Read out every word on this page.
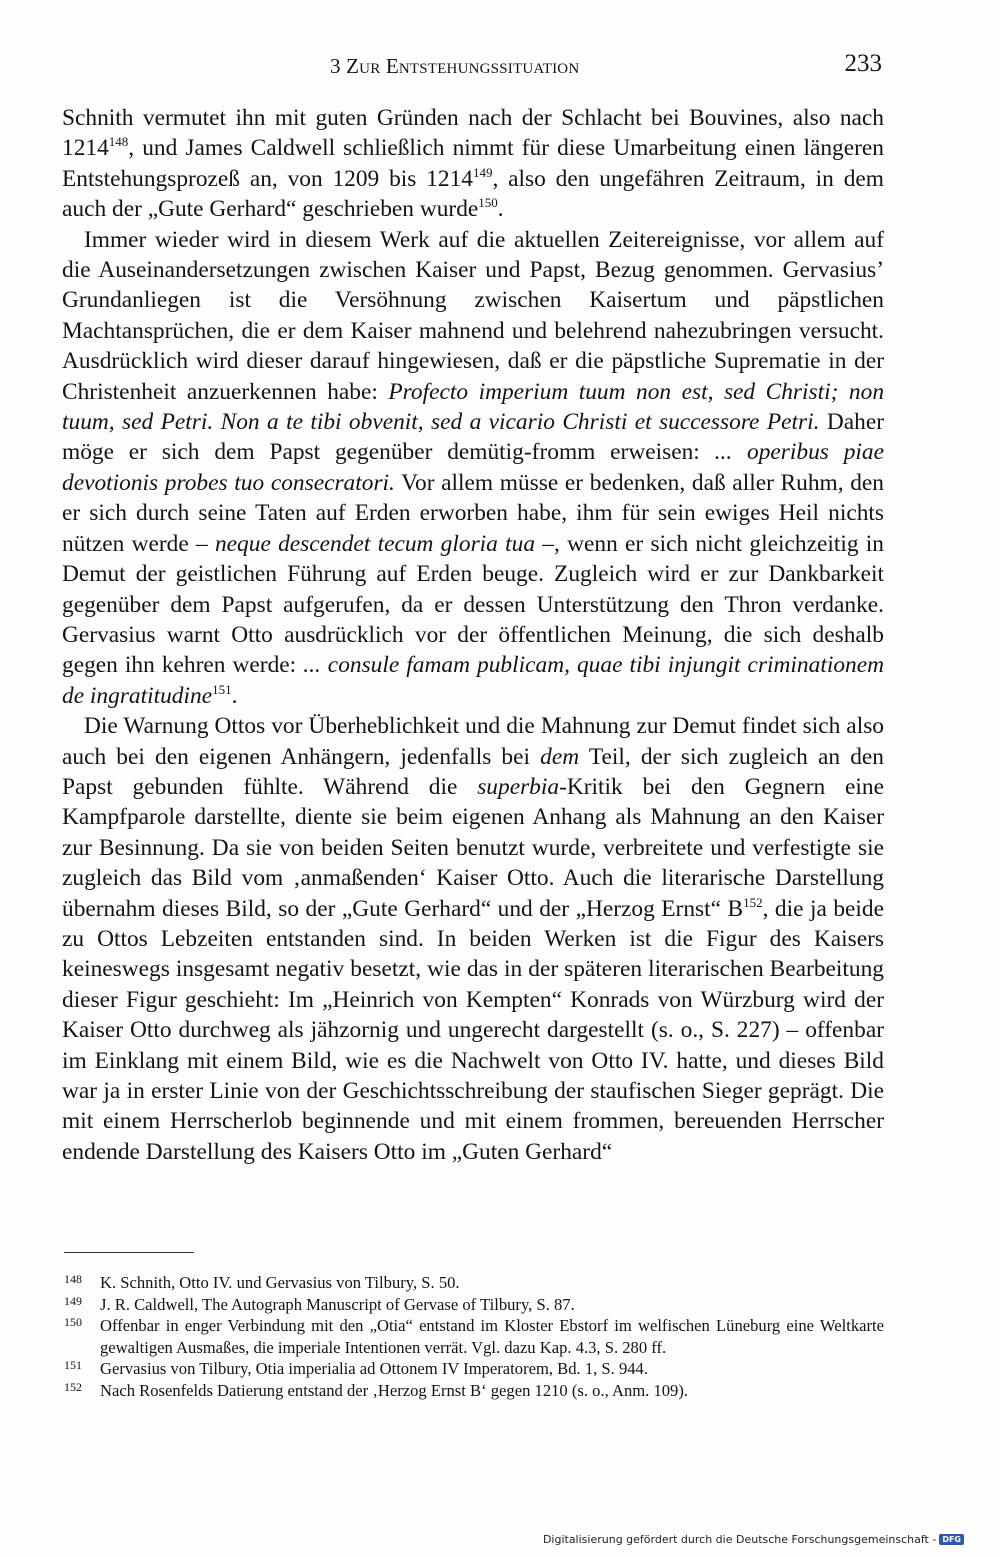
3 Zur Entstehungssituation	233

Schnith vermutet ihn mit guten Gründen nach der Schlacht bei Bouvines, also nach 1214$^{148}$, und James Caldwell schließlich nimmt für diese Umarbeitung einen längeren Entstehungsprozeß an, von 1209 bis 1214$^{149}$, also den ungefähren Zeitraum, in dem auch der „Gute Gerhard“ geschrieben wurde$^{150}$.

Immer wieder wird in diesem Werk auf die aktuellen Zeitereignisse, vor allem auf die Auseinandersetzungen zwischen Kaiser und Papst, Bezug genommen. Gervasius’ Grundanliegen ist die Versöhnung zwischen Kaisertum und päpstlichen Machtansprüchen, die er dem Kaiser mahnend und belehrend nahezubringen versucht. Ausdrücklich wird dieser darauf hingewiesen, daß er die päpstliche Suprematie in der Christenheit anzuerkennen habe: Profecto imperium tuum non est, sed Christi; non tuum, sed Petri. Non a te tibi obvenit, sed a vicario Christi et successore Petri. Daher möge er sich dem Papst gegenüber demütig-fromm erweisen: ... operibus piae devotionis probes tuo consecratori. Vor allem müsse er bedenken, daß aller Ruhm, den er sich durch seine Taten auf Erden erworben habe, ihm für sein ewiges Heil nichts nützen werde – neque descendet tecum gloria tua –, wenn er sich nicht gleichzeitig in Demut der geistlichen Führung auf Erden beuge. Zugleich wird er zur Dankbarkeit gegenüber dem Papst aufgerufen, da er dessen Unterstützung den Thron verdanke. Gervasius warnt Otto ausdrücklich vor der öffentlichen Meinung, die sich deshalb gegen ihn kehren werde: ... consule famam publicam, quae tibi injungit criminationem de ingratitudine$^{151}$.

Die Warnung Ottos vor Überheblichkeit und die Mahnung zur Demut findet sich also auch bei den eigenen Anhängern, jedenfalls bei dem Teil, der sich zugleich an den Papst gebunden fühlte. Während die superbia-Kritik bei den Gegnern eine Kampfparole darstellte, diente sie beim eigenen Anhang als Mahnung an den Kaiser zur Besinnung. Da sie von beiden Seiten benutzt wurde, verbreitete und verfestigte sie zugleich das Bild vom ‚anmaßenden‘ Kaiser Otto. Auch die literarische Darstellung übernahm dieses Bild, so der „Gute Gerhard“ und der „Herzog Ernst“ $B^{152}$, die ja beide zu Ottos Lebzeiten entstanden sind. In beiden Werken ist die Figur des Kaisers keineswegs insgesamt negativ besetzt, wie das in der späteren literarischen Bearbeitung dieser Figur geschieht: Im „Heinrich von Kempten“ Konrads von Würzburg wird der Kaiser Otto durchweg als jähzornig und ungerecht dargestellt (s. o., S. 227) – offenbar im Einklang mit einem Bild, wie es die Nachwelt von Otto IV. hatte, und dieses Bild war ja in erster Linie von der Geschichtsschreibung der staufischen Sieger geprägt. Die mit einem Herrscherlob beginnende und mit einem frommen, bereuenden Herrscher endende Darstellung des Kaisers Otto im „Guten Gerhard“

148 K. Schnith, Otto IV. und Gervasius von Tilbury, S. 50.
149 J. R. Caldwell, The Autograph Manuscript of Gervase of Tilbury, S. 87.
150 Offenbar in enger Verbindung mit den „Otia“ entstand im Kloster Ebstorf im welfischen Lüneburg eine Weltkarte gewaltigen Ausmaßes, die imperiale Intentionen verrät. Vgl. dazu Kap. 4.3, S. 280 ff.
151 Gervasius von Tilbury, Otia imperialia ad Ottonem IV Imperatorem, Bd. 1, S. 944.
152 Nach Rosenfelds Datierung entstand der ‚Herzog Ernst B‘ gegen 1210 (s. o., Anm. 109).
Digitalisierung gefördert durch die Deutsche Forschungsgemeinschaft - DFG
